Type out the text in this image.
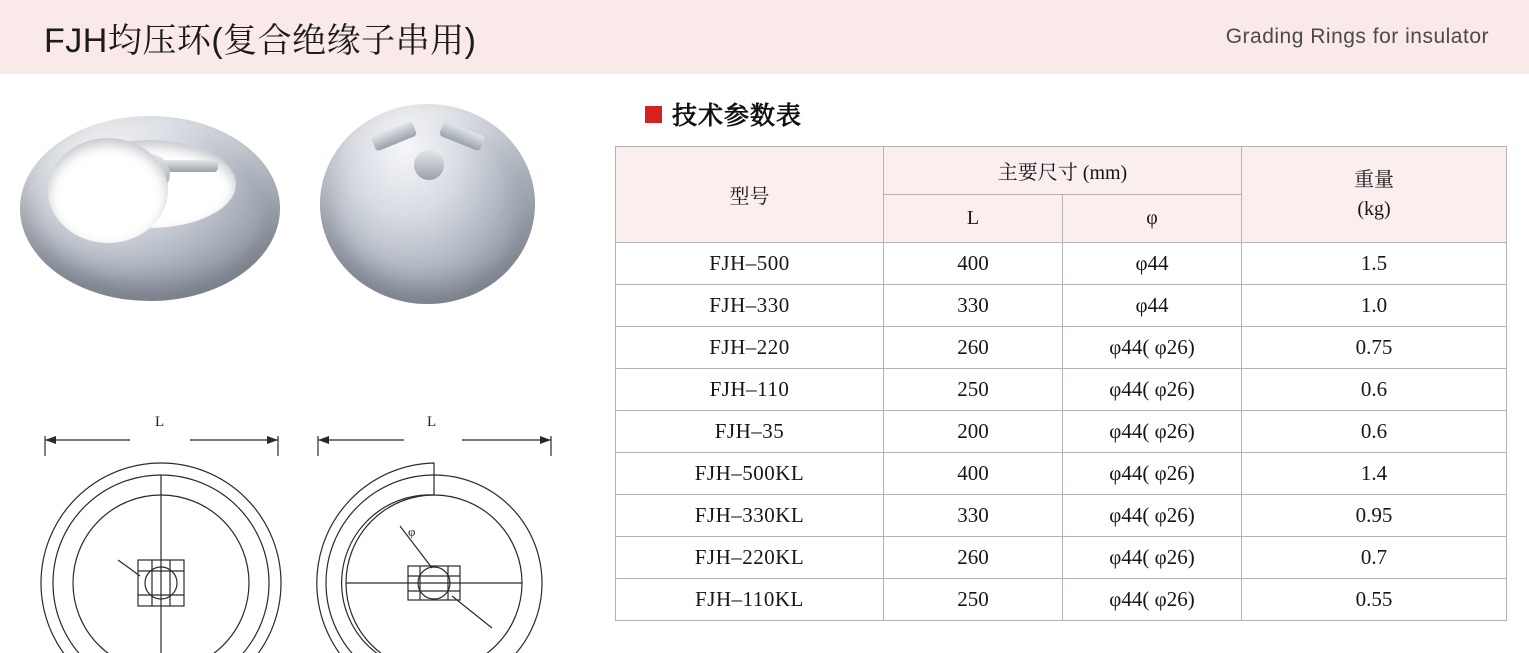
FJH均压环(复合绝缘子串用)	Grading Rings for insulator
L	L
φ
技术参数表
型号	主要尺寸 (mm)		重量
(kg)

	L	φ	
FJH–500	400	φ44	1.5
FJH–330	330	φ44	1.0
FJH–220	260	φ44( φ26)	0.75
FJH–110	250	φ44( φ26)	0.6
FJH–35	200	φ44( φ26)	0.6
FJH–500KL	400	φ44( φ26)	1.4
FJH–330KL	330	φ44( φ26)	0.95
FJH–220KL	260	φ44( φ26)	0.7
FJH–110KL	250	φ44( φ26)	0.55
